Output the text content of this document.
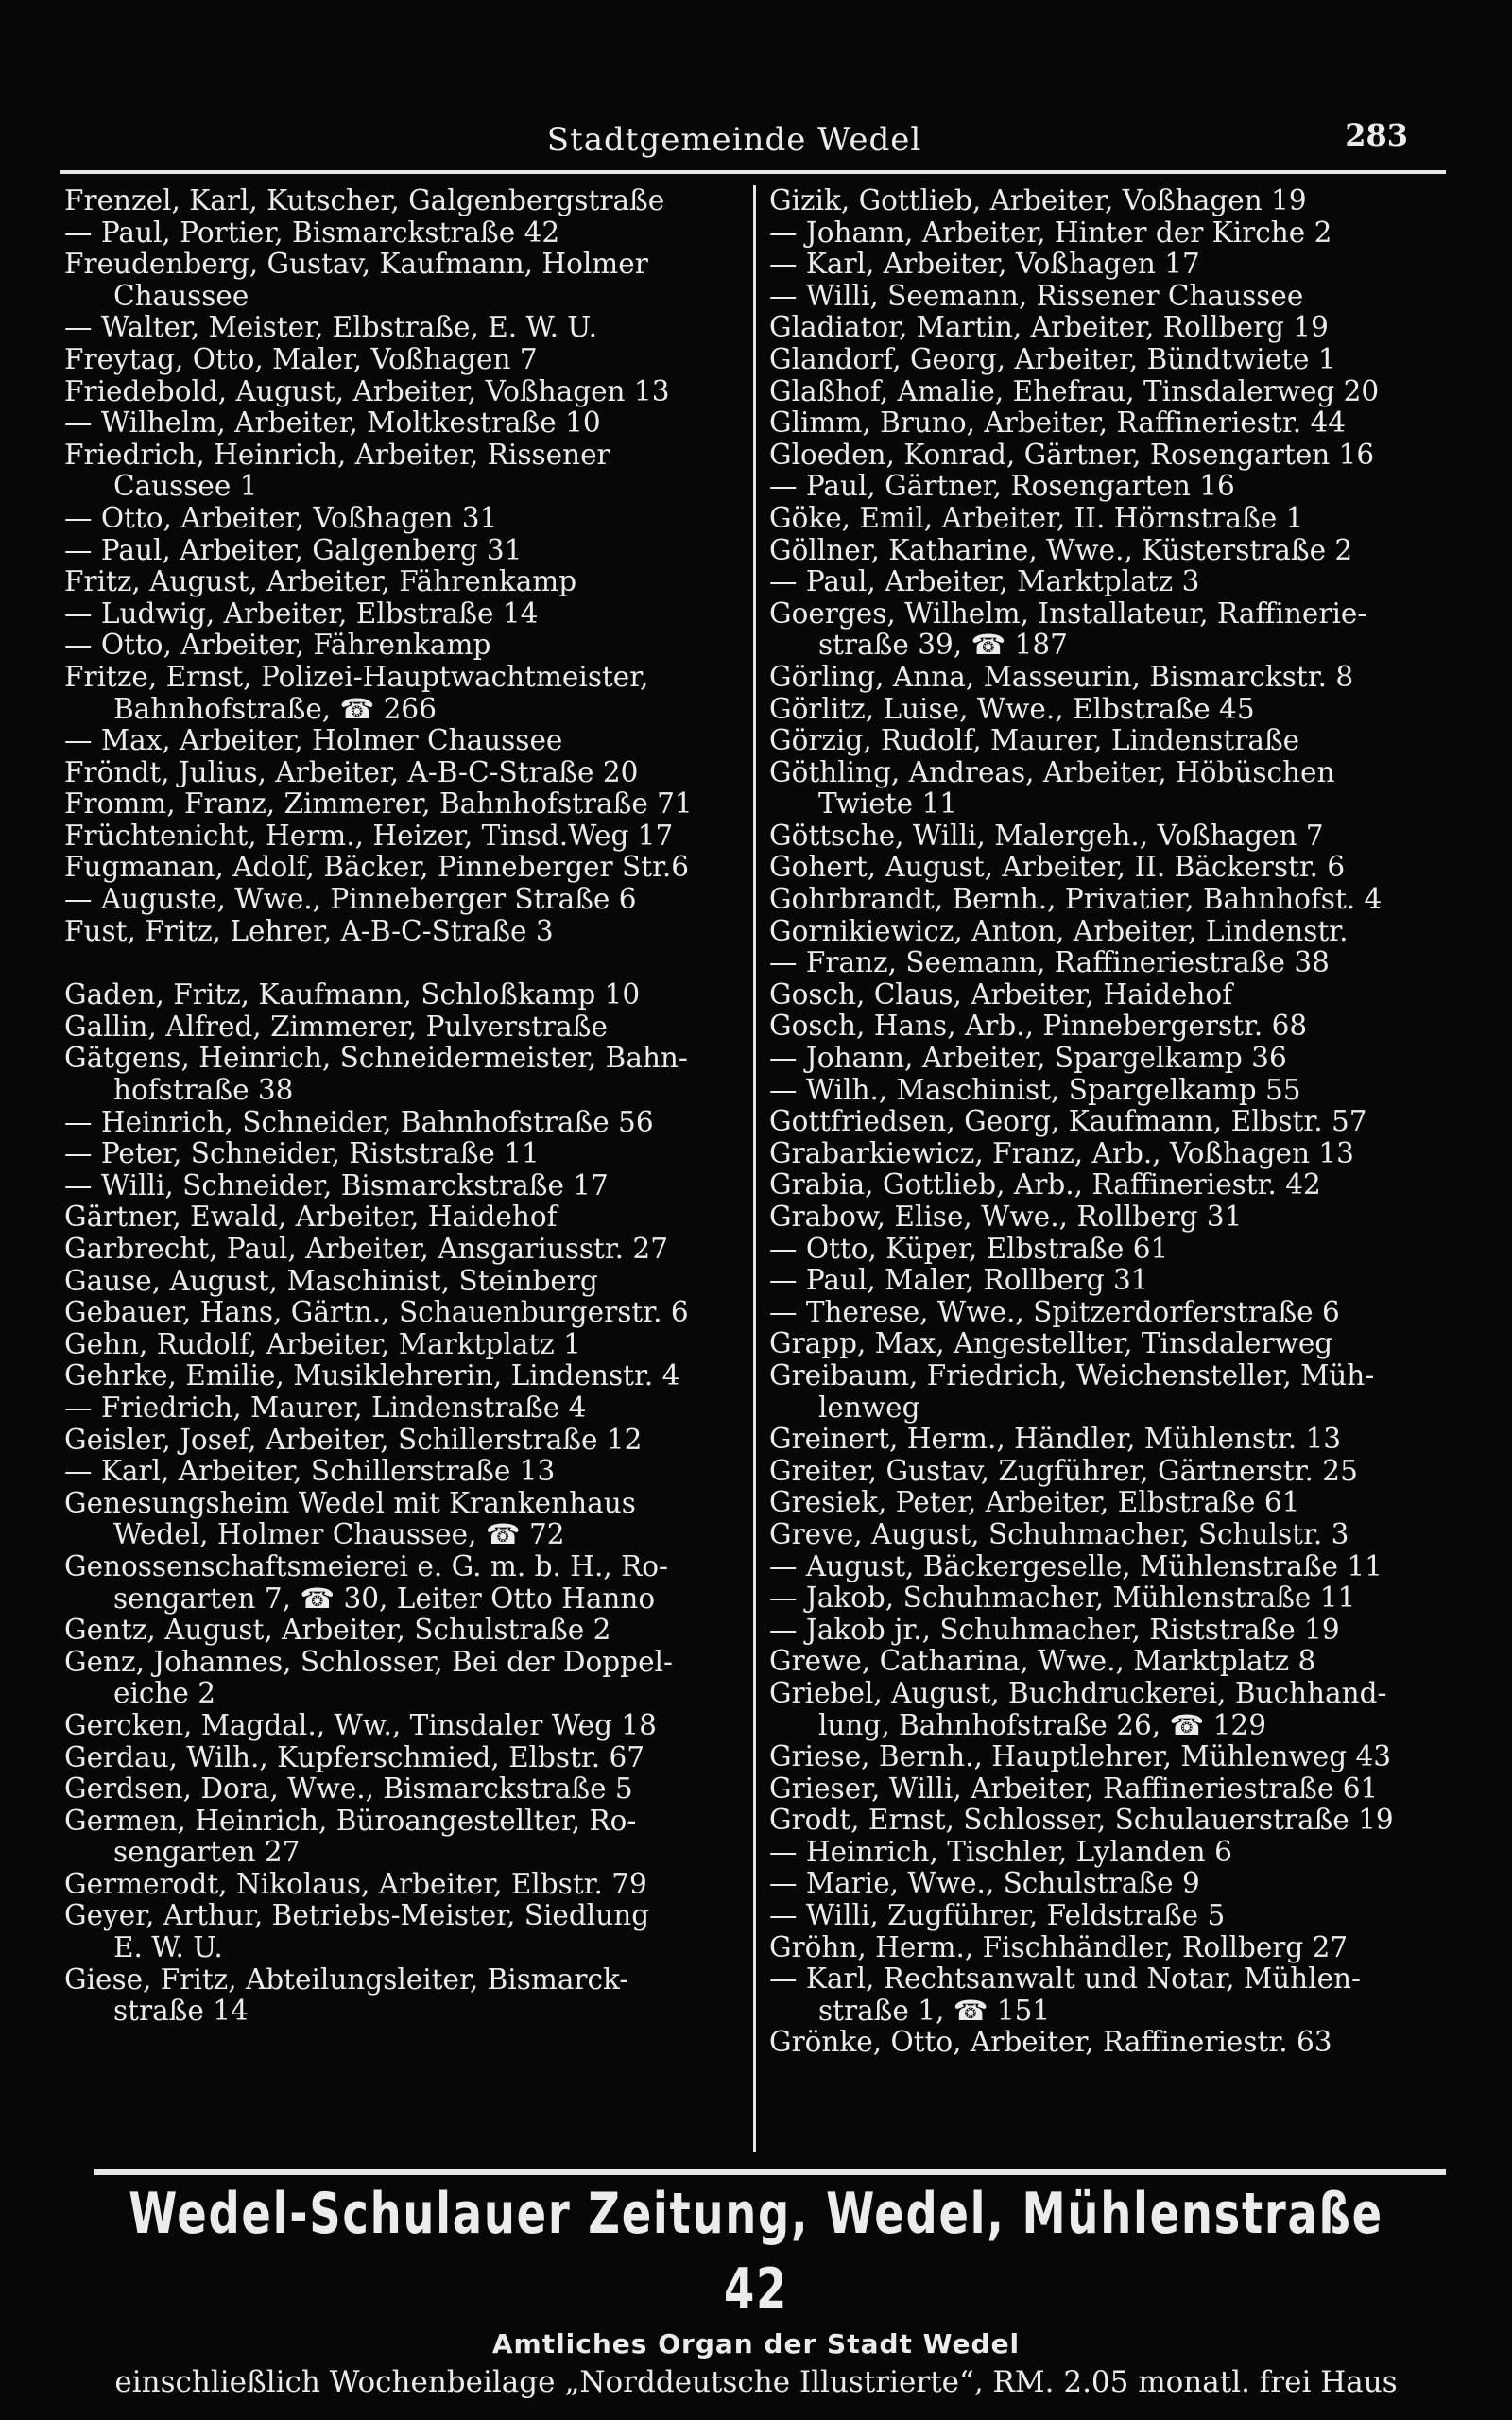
Stadtgemeinde Wedel	283
Frenzel, Karl, Kutscher, Galgenbergstraße
— Paul, Portier, Bismarckstraße 42
Freudenberg, Gustav, Kaufmann, Holmer
Chaussee
— Walter, Meister, Elbstraße, E. W. U.
Freytag, Otto, Maler, Voßhagen 7
Friedebold, August, Arbeiter, Voßhagen 13
— Wilhelm, Arbeiter, Moltkestraße 10
Friedrich, Heinrich, Arbeiter, Rissener
Caussee 1
— Otto, Arbeiter, Voßhagen 31
— Paul, Arbeiter, Galgenberg 31
Fritz, August, Arbeiter, Fährenkamp
— Ludwig, Arbeiter, Elbstraße 14
— Otto, Arbeiter, Fährenkamp
Fritze, Ernst, Polizei-Hauptwachtmeister,
Bahnhofstraße, ☎ 266
— Max, Arbeiter, Holmer Chaussee
Fröndt, Julius, Arbeiter, A-B-C-Straße 20
Fromm, Franz, Zimmerer, Bahnhofstraße 71
Früchtenicht, Herm., Heizer, Tinsd.Weg 17
Fugmanan, Adolf, Bäcker, Pinneberger Str.6
— Auguste, Wwe., Pinneberger Straße 6
Fust, Fritz, Lehrer, A-B-C-Straße 3
Gaden, Fritz, Kaufmann, Schloßkamp 10
Gallin, Alfred, Zimmerer, Pulverstraße
Gätgens, Heinrich, Schneidermeister, Bahn-
hofstraße 38
— Heinrich, Schneider, Bahnhofstraße 56
— Peter, Schneider, Riststraße 11
— Willi, Schneider, Bismarckstraße 17
Gärtner, Ewald, Arbeiter, Haidehof
Garbrecht, Paul, Arbeiter, Ansgariusstr. 27
Gause, August, Maschinist, Steinberg
Gebauer, Hans, Gärtn., Schauenburgerstr. 6
Gehn, Rudolf, Arbeiter, Marktplatz 1
Gehrke, Emilie, Musiklehrerin, Lindenstr. 4
— Friedrich, Maurer, Lindenstraße 4
Geisler, Josef, Arbeiter, Schillerstraße 12
— Karl, Arbeiter, Schillerstraße 13
Genesungsheim Wedel mit Krankenhaus
Wedel, Holmer Chaussee, ☎ 72
Genossenschaftsmeierei e. G. m. b. H., Ro-
sengarten 7, ☎ 30, Leiter Otto Hanno
Gentz, August, Arbeiter, Schulstraße 2
Genz, Johannes, Schlosser, Bei der Doppel-
eiche 2
Gercken, Magdal., Ww., Tinsdaler Weg 18
Gerdau, Wilh., Kupferschmied, Elbstr. 67
Gerdsen, Dora, Wwe., Bismarckstraße 5
Germen, Heinrich, Büroangestellter, Ro-
sengarten 27
Germerodt, Nikolaus, Arbeiter, Elbstr. 79
Geyer, Arthur, Betriebs-Meister, Siedlung
E. W. U.
Giese, Fritz, Abteilungsleiter, Bismarck-
straße 14
Gizik, Gottlieb, Arbeiter, Voßhagen 19
— Johann, Arbeiter, Hinter der Kirche 2
— Karl, Arbeiter, Voßhagen 17
— Willi, Seemann, Rissener Chaussee
Gladiator, Martin, Arbeiter, Rollberg 19
Glandorf, Georg, Arbeiter, Bündtwiete 1
Glaßhof, Amalie, Ehefrau, Tinsdalerweg 20
Glimm, Bruno, Arbeiter, Raffineriestr. 44
Gloeden, Konrad, Gärtner, Rosengarten 16
— Paul, Gärtner, Rosengarten 16
Göke, Emil, Arbeiter, II. Hörnstraße 1
Göllner, Katharine, Wwe., Küsterstraße 2
— Paul, Arbeiter, Marktplatz 3
Goerges, Wilhelm, Installateur, Raffinerie-
straße 39, ☎ 187
Görling, Anna, Masseurin, Bismarckstr. 8
Görlitz, Luise, Wwe., Elbstraße 45
Görzig, Rudolf, Maurer, Lindenstraße
Göthling, Andreas, Arbeiter, Höbüschen
Twiete 11
Göttsche, Willi, Malergeh., Voßhagen 7
Gohert, August, Arbeiter, II. Bäckerstr. 6
Gohrbrandt, Bernh., Privatier, Bahnhofst. 4
Gornikiewicz, Anton, Arbeiter, Lindenstr.
— Franz, Seemann, Raffineriestraße 38
Gosch, Claus, Arbeiter, Haidehof
Gosch, Hans, Arb., Pinnebergerstr. 68
— Johann, Arbeiter, Spargelkamp 36
— Wilh., Maschinist, Spargelkamp 55
Gottfriedsen, Georg, Kaufmann, Elbstr. 57
Grabarkiewicz, Franz, Arb., Voßhagen 13
Grabia, Gottlieb, Arb., Raffineriestr. 42
Grabow, Elise, Wwe., Rollberg 31
— Otto, Küper, Elbstraße 61
— Paul, Maler, Rollberg 31
— Therese, Wwe., Spitzerdorferstraße 6
Grapp, Max, Angestellter, Tinsdalerweg
Greibaum, Friedrich, Weichensteller, Müh-
lenweg
Greinert, Herm., Händler, Mühlenstr. 13
Greiter, Gustav, Zugführer, Gärtnerstr. 25
Gresiek, Peter, Arbeiter, Elbstraße 61
Greve, August, Schuhmacher, Schulstr. 3
— August, Bäckergeselle, Mühlenstraße 11
— Jakob, Schuhmacher, Mühlenstraße 11
— Jakob jr., Schuhmacher, Riststraße 19
Grewe, Catharina, Wwe., Marktplatz 8
Griebel, August, Buchdruckerei, Buchhand-
lung, Bahnhofstraße 26, ☎ 129
Griese, Bernh., Hauptlehrer, Mühlenweg 43
Grieser, Willi, Arbeiter, Raffineriestraße 61
Grodt, Ernst, Schlosser, Schulauerstraße 19
— Heinrich, Tischler, Lylanden 6
— Marie, Wwe., Schulstraße 9
— Willi, Zugführer, Feldstraße 5
Gröhn, Herm., Fischhändler, Rollberg 27
— Karl, Rechtsanwalt und Notar, Mühlen-
straße 1, ☎ 151
Grönke, Otto, Arbeiter, Raffineriestr. 63
Wedel-Schulauer Zeitung, Wedel, Mühlenstraße 42
Amtliches Organ der Stadt Wedel
einschließlich Wochenbeilage „Norddeutsche Illustrierte“, RM. 2.05 monatl. frei Haus
